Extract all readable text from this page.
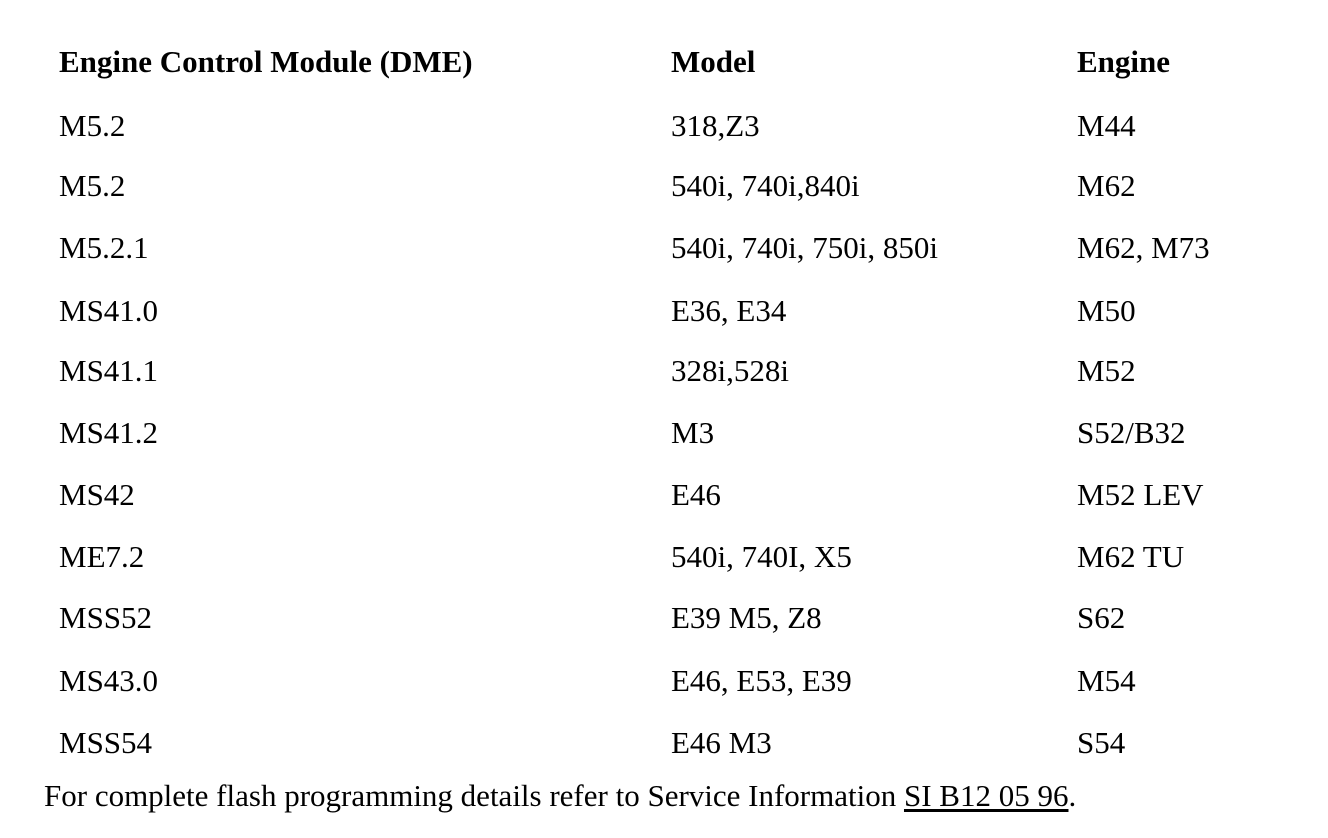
Engine Control Module (DME)	Model	Engine
M5.2	318,Z3	M44
M5.2	540i, 740i,840i	M62
M5.2.1	540i, 740i, 750i, 850i	M62, M73
MS41.0	E36, E34	M50
MS41.1	328i,528i	M52
MS41.2	M3	S52/B32
MS42	E46	M52 LEV
ME7.2	540i, 740I, X5	M62 TU
MSS52	E39 M5, Z8	S62
MS43.0	E46, E53, E39	M54
MSS54	E46 M3	S54
For complete flash programming details refer to Service Information SI B12 05 96.
